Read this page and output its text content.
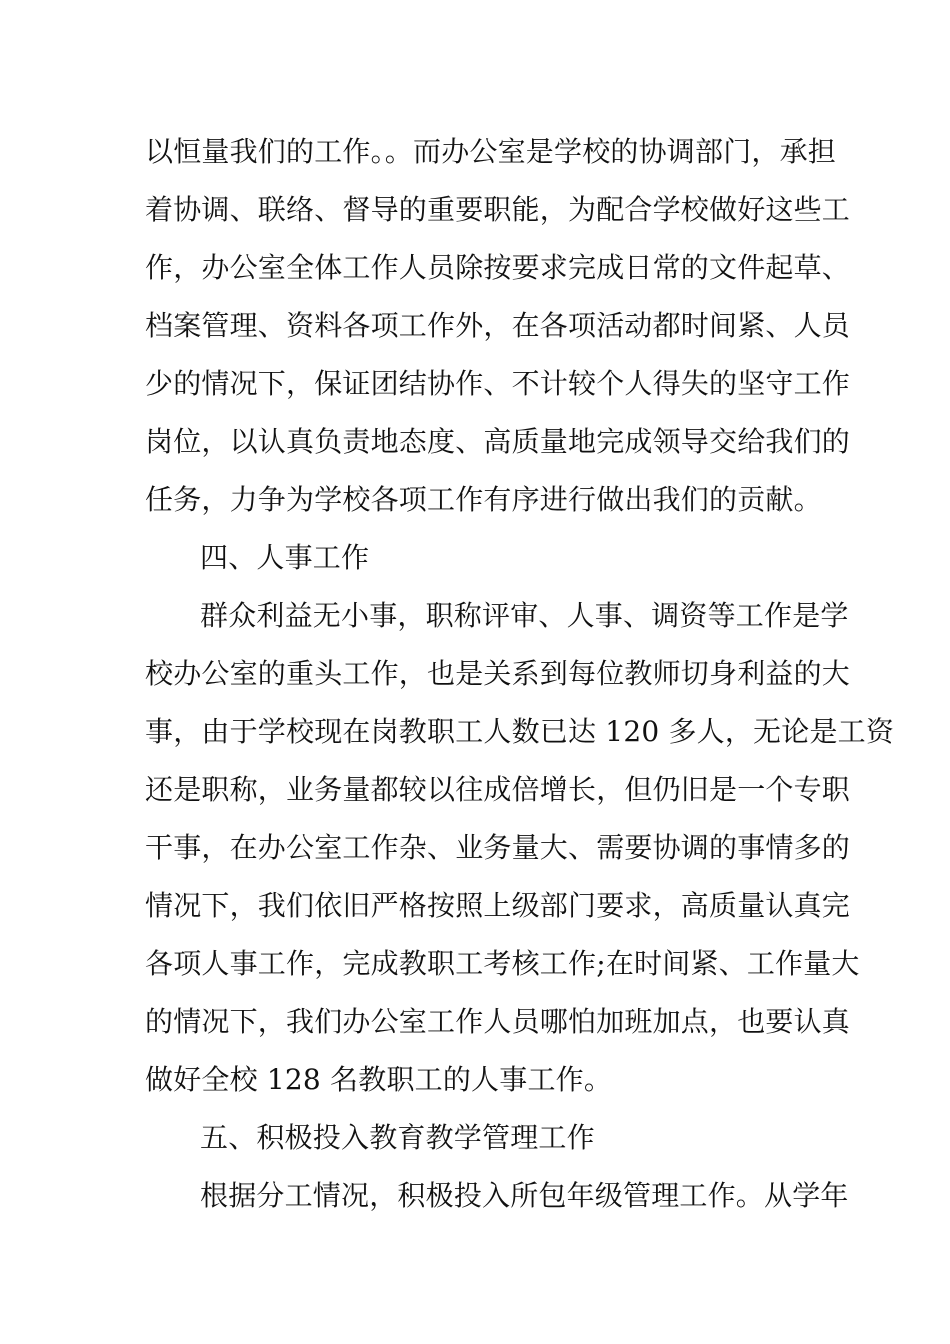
以恒量我们的工作。。而办公室是学校的协调部门，承担
着协调、联络、督导的重要职能，为配合学校做好这些工
作，办公室全体工作人员除按要求完成日常的文件起草、
档案管理、资料各项工作外，在各项活动都时间紧、人员
少的情况下，保证团结协作、不计较个人得失的坚守工作
岗位，以认真负责地态度、高质量地完成领导交给我们的
任务，力争为学校各项工作有序进行做出我们的贡献。
四、人事工作
群众利益无小事，职称评审、人事、调资等工作是学
校办公室的重头工作，也是关系到每位教师切身利益的大
事，由于学校现在岗教职工人数已达 120 多人，无论是工资
还是职称，业务量都较以往成倍增长，但仍旧是一个专职
干事，在办公室工作杂、业务量大、需要协调的事情多的
情况下，我们依旧严格按照上级部门要求，高质量认真完
各项人事工作，完成教职工考核工作;在时间紧、工作量大
的情况下，我们办公室工作人员哪怕加班加点，也要认真
做好全校 128 名教职工的人事工作。
五、积极投入教育教学管理工作
根据分工情况，积极投入所包年级管理工作。从学年
